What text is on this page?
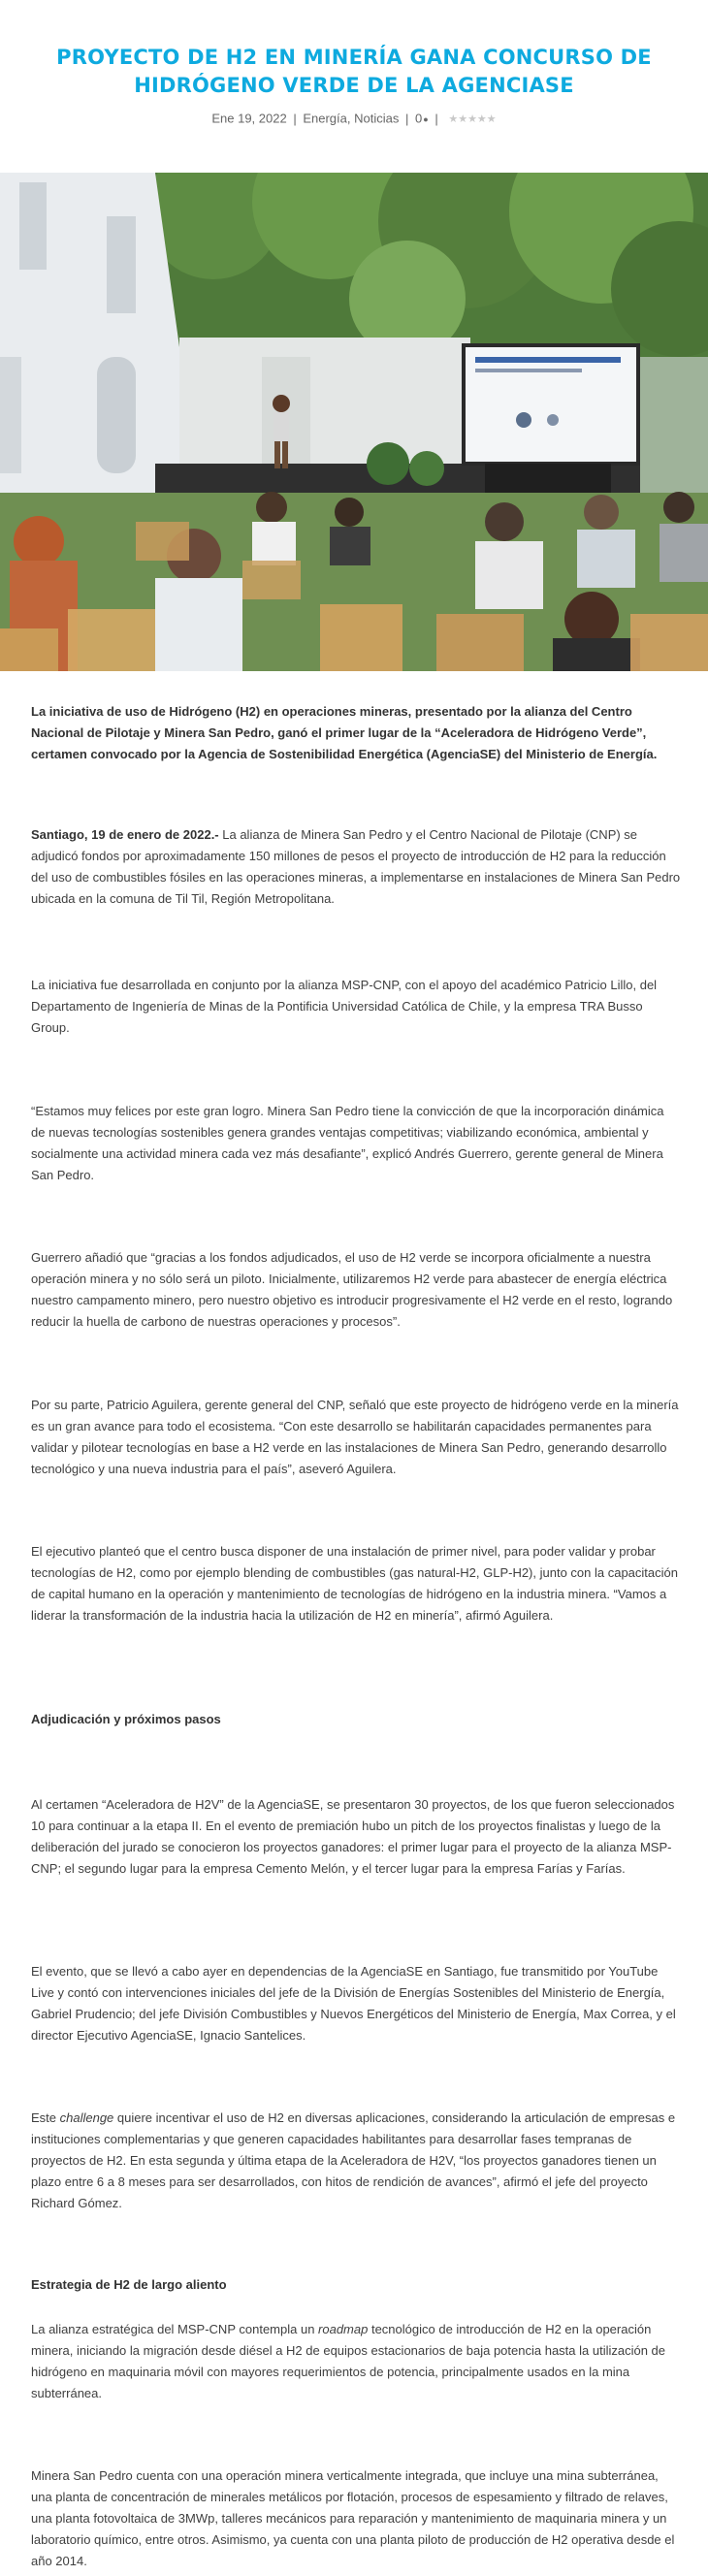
PROYECTO DE H2 EN MINERÍA GANA CONCURSO DE HIDRÓGENO VERDE DE LA AGENCIASE
Ene 19, 2022 | Energía, Noticias | 0● | ★★★★★

La iniciativa de uso de Hidrógeno (H2) en operaciones mineras, presentado por la alianza del Centro Nacional de Pilotaje y Minera San Pedro, ganó el primer lugar de la “Aceleradora de Hidrógeno Verde”, certamen convocado por la Agencia de Sostenibilidad Energética (AgenciaSE) del Ministerio de Energía.

Santiago, 19 de enero de 2022.- La alianza de Minera San Pedro y el Centro Nacional de Pilotaje (CNP) se adjudicó fondos por aproximadamente 150 millones de pesos el proyecto de introducción de H2 para la reducción del uso de combustibles fósiles en las operaciones mineras, a implementarse en instalaciones de Minera San Pedro ubicada en la comuna de Til Til, Región Metropolitana.

La iniciativa fue desarrollada en conjunto por la alianza MSP-CNP, con el apoyo del académico Patricio Lillo, del Departamento de Ingeniería de Minas de la Pontificia Universidad Católica de Chile, y la empresa TRA Busso Group.

“Estamos muy felices por este gran logro. Minera San Pedro tiene la convicción de que la incorporación dinámica de nuevas tecnologías sostenibles genera grandes ventajas competitivas; viabilizando económica, ambiental y socialmente una actividad minera cada vez más desafiante”, explicó Andrés Guerrero, gerente general de Minera San Pedro.

Guerrero añadió que “gracias a los fondos adjudicados, el uso de H2 verde se incorpora oficialmente a nuestra operación minera y no sólo será un piloto. Inicialmente, utilizaremos H2 verde para abastecer de energía eléctrica nuestro campamento minero, pero nuestro objetivo es introducir progresivamente el H2 verde en el resto, logrando reducir la huella de carbono de nuestras operaciones y procesos”.

Por su parte, Patricio Aguilera, gerente general del CNP, señaló que este proyecto de hidrógeno verde en la minería es un gran avance para todo el ecosistema. “Con este desarrollo se habilitarán capacidades permanentes para validar y pilotear tecnologías en base a H2 verde en las instalaciones de Minera San Pedro, generando desarrollo tecnológico y una nueva industria para el país”, aseveró Aguilera.

El ejecutivo planteó que el centro busca disponer de una instalación de primer nivel, para poder validar y probar tecnologías de H2, como por ejemplo blending de combustibles (gas natural-H2, GLP-H2), junto con la capacitación de capital humano en la operación y mantenimiento de tecnologías de hidrógeno en la industria minera. “Vamos a liderar la transformación de la industria hacia la utilización de H2 en minería”, afirmó Aguilera.

Adjudicación y próximos pasos

Al certamen “Aceleradora de H2V” de la AgenciaSE, se presentaron 30 proyectos, de los que fueron seleccionados 10 para continuar a la etapa II. En el evento de premiación hubo un pitch de los proyectos finalistas y luego de la deliberación del jurado se conocieron los proyectos ganadores: el primer lugar para el proyecto de la alianza MSP-CNP; el segundo lugar para la empresa Cemento Melón, y el tercer lugar para la empresa Farías y Farías.

El evento, que se llevó a cabo ayer en dependencias de la AgenciaSE en Santiago, fue transmitido por YouTube Live y contó con intervenciones iniciales del jefe de la División de Energías Sostenibles del Ministerio de Energía, Gabriel Prudencio; del jefe División Combustibles y Nuevos Energéticos del Ministerio de Energía, Max Correa, y el director Ejecutivo AgenciaSE, Ignacio Santelices.

Este challenge quiere incentivar el uso de H2 en diversas aplicaciones, considerando la articulación de empresas e instituciones complementarias y que generen capacidades habilitantes para desarrollar fases tempranas de proyectos de H2. En esta segunda y última etapa de la Aceleradora de H2V, “los proyectos ganadores tienen un plazo entre 6 a 8 meses para ser desarrollados, con hitos de rendición de avances”, afirmó el jefe del proyecto Richard Gómez.

Estrategia de H2 de largo aliento

La alianza estratégica del MSP-CNP contempla un roadmap tecnológico de introducción de H2 en la operación minera, iniciando la migración desde diésel a H2 de equipos estacionarios de baja potencia hasta la utilización de hidrógeno en maquinaria móvil con mayores requerimientos de potencia, principalmente usados en la mina subterránea.

Minera San Pedro cuenta con una operación minera verticalmente integrada, que incluye una mina subterránea, una planta de concentración de minerales metálicos por flotación, procesos de espesamiento y filtrado de relaves, una planta fotovoltaica de 3MWp, talleres mecánicos para reparación y mantenimiento de maquinaria minera y un laboratorio químico, entre otros. Asimismo, ya cuenta con una planta piloto de producción de H2 operativa desde el año 2014.
